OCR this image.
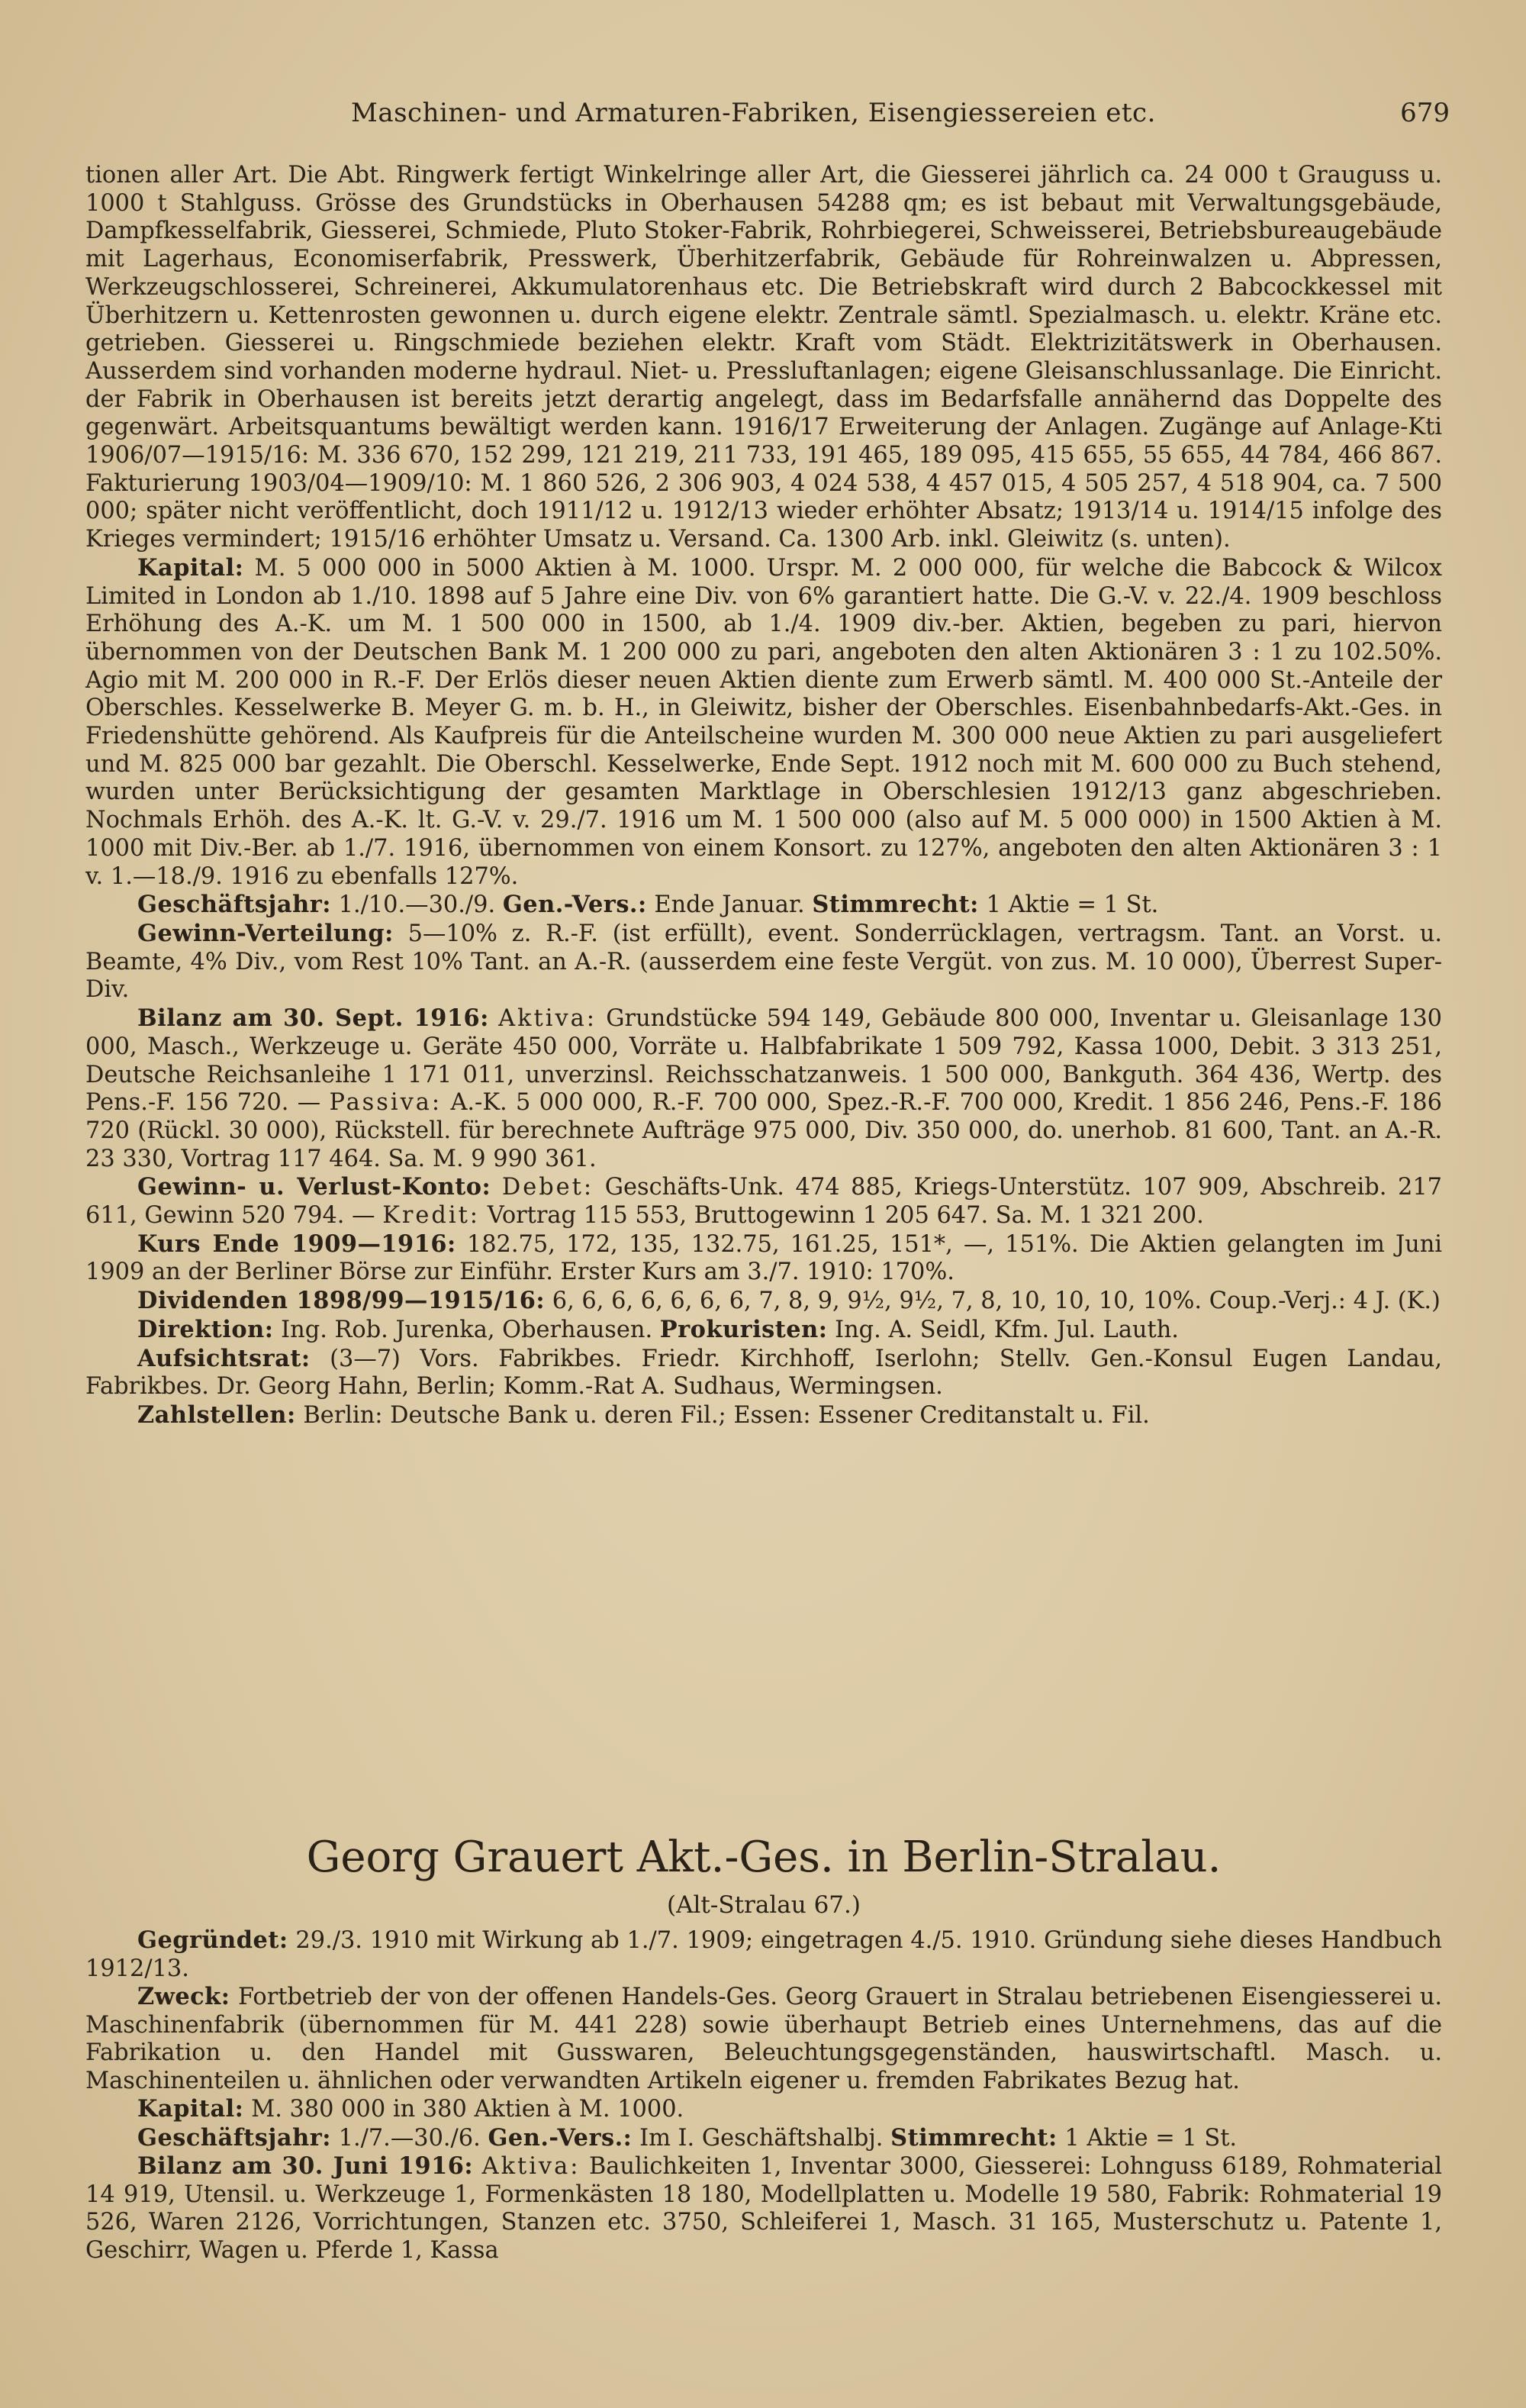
Maschinen- und Armaturen-Fabriken, Eisengiessereien etc.	679

tionen aller Art. Die Abt. Ringwerk fertigt Winkelringe aller Art, die Giesserei jährlich ca. 24 000 t Grauguss u. 1000 t Stahlguss. Grösse des Grundstücks in Oberhausen 54288 qm; es ist bebaut mit Verwaltungsgebäude, Dampfkesselfabrik, Giesserei, Schmiede, Pluto Stoker-Fabrik, Rohrbiegerei, Schweisserei, Betriebsbureaugebäude mit Lagerhaus, Economiserfabrik, Presswerk, Überhitzerfabrik, Gebäude für Rohreinwalzen u. Abpressen, Werkzeugschlosserei, Schreinerei, Akkumulatorenhaus etc. Die Betriebskraft wird durch 2 Babcockkessel mit Überhitzern u. Kettenrosten gewonnen u. durch eigene elektr. Zentrale sämtl. Spezialmasch. u. elektr. Kräne etc. getrieben. Giesserei u. Ringschmiede beziehen elektr. Kraft vom Städt. Elektrizitätswerk in Oberhausen. Ausserdem sind vorhanden moderne hydraul. Niet- u. Pressluftanlagen; eigene Gleisanschlussanlage. Die Einricht. der Fabrik in Oberhausen ist bereits jetzt derartig angelegt, dass im Bedarfsfalle annähernd das Doppelte des gegenwärt. Arbeitsquantums bewältigt werden kann. 1916/17 Erweiterung der Anlagen. Zugänge auf Anlage-Kti 1906/07—1915/16: M. 336 670, 152 299, 121 219, 211 733, 191 465, 189 095, 415 655, 55 655, 44 784, 466 867. Fakturierung 1903/04—1909/10: M. 1 860 526, 2 306 903, 4 024 538, 4 457 015, 4 505 257, 4 518 904, ca. 7 500 000; später nicht veröffentlicht, doch 1911/12 u. 1912/13 wieder erhöhter Absatz; 1913/14 u. 1914/15 infolge des Krieges vermindert; 1915/16 erhöhter Umsatz u. Versand. Ca. 1300 Arb. inkl. Gleiwitz (s. unten).

Kapital: M. 5 000 000 in 5000 Aktien à M. 1000. Urspr. M. 2 000 000, für welche die Babcock & Wilcox Limited in London ab 1./10. 1898 auf 5 Jahre eine Div. von 6% garantiert hatte. Die G.-V. v. 22./4. 1909 beschloss Erhöhung des A.-K. um M. 1 500 000 in 1500, ab 1./4. 1909 div.-ber. Aktien, begeben zu pari, hiervon übernommen von der Deutschen Bank M. 1 200 000 zu pari, angeboten den alten Aktionären 3 : 1 zu 102.50%. Agio mit M. 200 000 in R.-F. Der Erlös dieser neuen Aktien diente zum Erwerb sämtl. M. 400 000 St.-Anteile der Oberschles. Kesselwerke B. Meyer G. m. b. H., in Gleiwitz, bisher der Oberschles. Eisenbahnbedarfs-Akt.-Ges. in Friedenshütte gehörend. Als Kaufpreis für die Anteilscheine wurden M. 300 000 neue Aktien zu pari ausgeliefert und M. 825 000 bar gezahlt. Die Oberschl. Kesselwerke, Ende Sept. 1912 noch mit M. 600 000 zu Buch stehend, wurden unter Berücksichtigung der gesamten Marktlage in Oberschlesien 1912/13 ganz abgeschrieben. Nochmals Erhöh. des A.-K. lt. G.-V. v. 29./7. 1916 um M. 1 500 000 (also auf M. 5 000 000) in 1500 Aktien à M. 1000 mit Div.-Ber. ab 1./7. 1916, übernommen von einem Konsort. zu 127%, angeboten den alten Aktionären 3 : 1 v. 1.—18./9. 1916 zu ebenfalls 127%.

Geschäftsjahr: 1./10.—30./9. Gen.-Vers.: Ende Januar. Stimmrecht: 1 Aktie = 1 St.

Gewinn-Verteilung: 5—10% z. R.-F. (ist erfüllt), event. Sonderrücklagen, vertragsm. Tant. an Vorst. u. Beamte, 4% Div., vom Rest 10% Tant. an A.-R. (ausserdem eine feste Vergüt. von zus. M. 10 000), Überrest Super-Div.

Bilanz am 30. Sept. 1916: Aktiva: Grundstücke 594 149, Gebäude 800 000, Inventar u. Gleisanlage 130 000, Masch., Werkzeuge u. Geräte 450 000, Vorräte u. Halbfabrikate 1 509 792, Kassa 1000, Debit. 3 313 251, Deutsche Reichsanleihe 1 171 011, unverzinsl. Reichsschatzanweis. 1 500 000, Bankguth. 364 436, Wertp. des Pens.-F. 156 720. — Passiva: A.-K. 5 000 000, R.-F. 700 000, Spez.-R.-F. 700 000, Kredit. 1 856 246, Pens.-F. 186 720 (Rückl. 30 000), Rückstell. für berechnete Aufträge 975 000, Div. 350 000, do. unerhob. 81 600, Tant. an A.-R. 23 330, Vortrag 117 464. Sa. M. 9 990 361.

Gewinn- u. Verlust-Konto: Debet: Geschäfts-Unk. 474 885, Kriegs-Unterstütz. 107 909, Abschreib. 217 611, Gewinn 520 794. — Kredit: Vortrag 115 553, Bruttogewinn 1 205 647. Sa. M. 1 321 200.

Kurs Ende 1909—1916: 182.75, 172, 135, 132.75, 161.25, 151*, —, 151%. Die Aktien gelangten im Juni 1909 an der Berliner Börse zur Einführ. Erster Kurs am 3./7. 1910: 170%.

Dividenden 1898/99—1915/16: 6, 6, 6, 6, 6, 6, 6, 7, 8, 9, 9½, 9½, 7, 8, 10, 10, 10, 10%. Coup.-Verj.: 4 J. (K.)

Direktion: Ing. Rob. Jurenka, Oberhausen. Prokuristen: Ing. A. Seidl, Kfm. Jul. Lauth.

Aufsichtsrat: (3—7) Vors. Fabrikbes. Friedr. Kirchhoff, Iserlohn; Stellv. Gen.-Konsul Eugen Landau, Fabrikbes. Dr. Georg Hahn, Berlin; Komm.-Rat A. Sudhaus, Wermingsen.

Zahlstellen: Berlin: Deutsche Bank u. deren Fil.; Essen: Essener Creditanstalt u. Fil.

Georg Grauert Akt.-Ges. in Berlin-Stralau.
(Alt-Stralau 67.)

Gegründet: 29./3. 1910 mit Wirkung ab 1./7. 1909; eingetragen 4./5. 1910. Gründung siehe dieses Handbuch 1912/13.

Zweck: Fortbetrieb der von der offenen Handels-Ges. Georg Grauert in Stralau betriebenen Eisengiesserei u. Maschinenfabrik (übernommen für M. 441 228) sowie überhaupt Betrieb eines Unternehmens, das auf die Fabrikation u. den Handel mit Gusswaren, Beleuchtungsgegenständen, hauswirtschaftl. Masch. u. Maschinenteilen u. ähnlichen oder verwandten Artikeln eigener u. fremden Fabrikates Bezug hat.

Kapital: M. 380 000 in 380 Aktien à M. 1000.

Geschäftsjahr: 1./7.—30./6. Gen.-Vers.: Im I. Geschäftshalbj. Stimmrecht: 1 Aktie = 1 St.

Bilanz am 30. Juni 1916: Aktiva: Baulichkeiten 1, Inventar 3000, Giesserei: Lohnguss 6189, Rohmaterial 14 919, Utensil. u. Werkzeuge 1, Formenkästen 18 180, Modellplatten u. Modelle 19 580, Fabrik: Rohmaterial 19 526, Waren 2126, Vorrichtungen, Stanzen etc. 3750, Schleiferei 1, Masch. 31 165, Musterschutz u. Patente 1, Geschirr, Wagen u. Pferde 1, Kassa
